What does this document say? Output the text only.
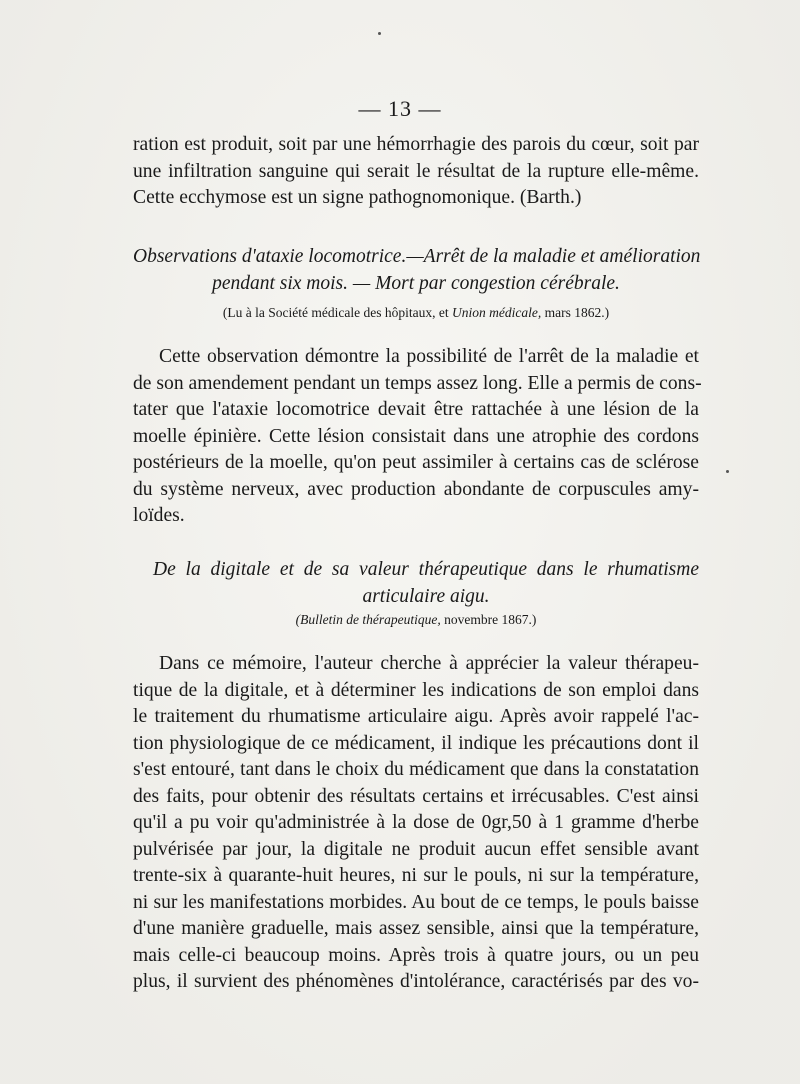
— 13 —
ration est produit, soit par une hémorrhagie des parois du cœur, soit par
une infiltration sanguine qui serait le résultat de la rupture elle-même.
Cette ecchymose est un signe pathognomonique. (Barth.)
Observations d'ataxie locomotrice.—Arrêt de la maladie et amélioration
pendant six mois. — Mort par congestion cérébrale.
(Lu à la Société médicale des hôpitaux, et Union médicale, mars 1862.)
Cette observation démontre la possibilité de l'arrêt de la maladie et
de son amendement pendant un temps assez long. Elle a permis de cons-
tater que l'ataxie locomotrice devait être rattachée à une lésion de la
moelle épinière. Cette lésion consistait dans une atrophie des cordons
postérieurs de la moelle, qu'on peut assimiler à certains cas de sclérose
du système nerveux, avec production abondante de corpuscules amy-
loïdes.
De la digitale et de sa valeur thérapeutique dans le rhumatisme
articulaire aigu.
(Bulletin de thérapeutique, novembre 1867.)
Dans ce mémoire, l'auteur cherche à apprécier la valeur thérapeu-
tique de la digitale, et à déterminer les indications de son emploi dans
le traitement du rhumatisme articulaire aigu. Après avoir rappelé l'ac-
tion physiologique de ce médicament, il indique les précautions dont il
s'est entouré, tant dans le choix du médicament que dans la constatation
des faits, pour obtenir des résultats certains et irrécusables. C'est ainsi
qu'il a pu voir qu'administrée à la dose de 0gr,50 à 1 gramme d'herbe
pulvérisée par jour, la digitale ne produit aucun effet sensible avant
trente-six à quarante-huit heures, ni sur le pouls, ni sur la température,
ni sur les manifestations morbides. Au bout de ce temps, le pouls baisse
d'une manière graduelle, mais assez sensible, ainsi que la température,
mais celle-ci beaucoup moins. Après trois à quatre jours, ou un peu
plus, il survient des phénomènes d'intolérance, caractérisés par des vo-
